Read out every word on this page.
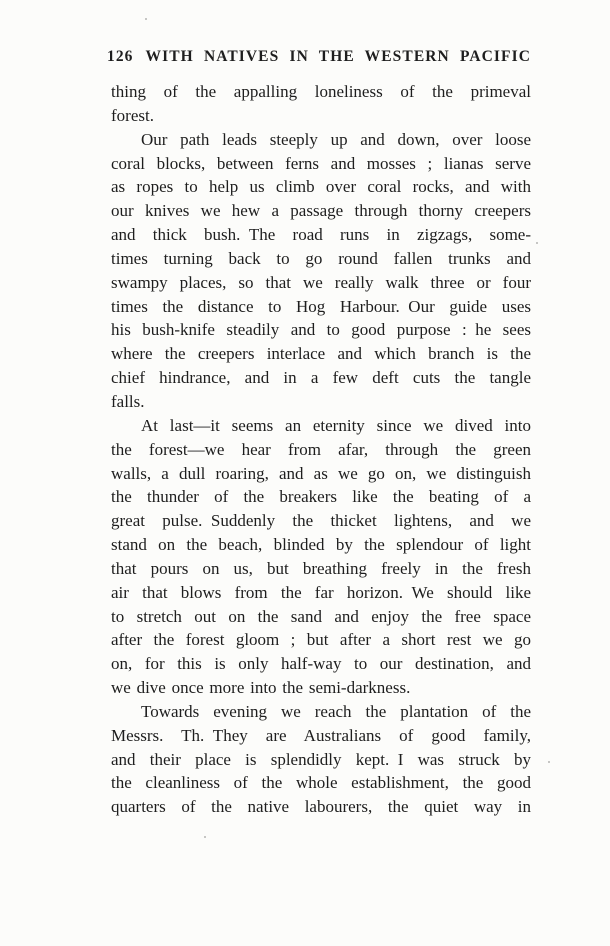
126 WITH NATIVES IN THE WESTERN PACIFIC
thing of the appalling loneliness of the primeval
forest.
Our path leads steeply up and down, over loose
coral blocks, between ferns and mosses ; lianas serve
as ropes to help us climb over coral rocks, and with
our knives we hew a passage through thorny creepers
and thick bush. The road runs in zigzags, some-
times turning back to go round fallen trunks and
swampy places, so that we really walk three or four
times the distance to Hog Harbour. Our guide uses
his bush-knife steadily and to good purpose : he sees
where the creepers interlace and which branch is the
chief hindrance, and in a few deft cuts the tangle
falls.
At last—it seems an eternity since we dived into
the forest—we hear from afar, through the green
walls, a dull roaring, and as we go on, we distinguish
the thunder of the breakers like the beating of a
great pulse. Suddenly the thicket lightens, and we
stand on the beach, blinded by the splendour of light
that pours on us, but breathing freely in the fresh
air that blows from the far horizon. We should like
to stretch out on the sand and enjoy the free space
after the forest gloom ; but after a short rest we go
on, for this is only half-way to our destination, and
we dive once more into the semi-darkness.
Towards evening we reach the plantation of the
Messrs. Th. They are Australians of good family,
and their place is splendidly kept. I was struck by
the cleanliness of the whole establishment, the good
quarters of the native labourers, the quiet way in
